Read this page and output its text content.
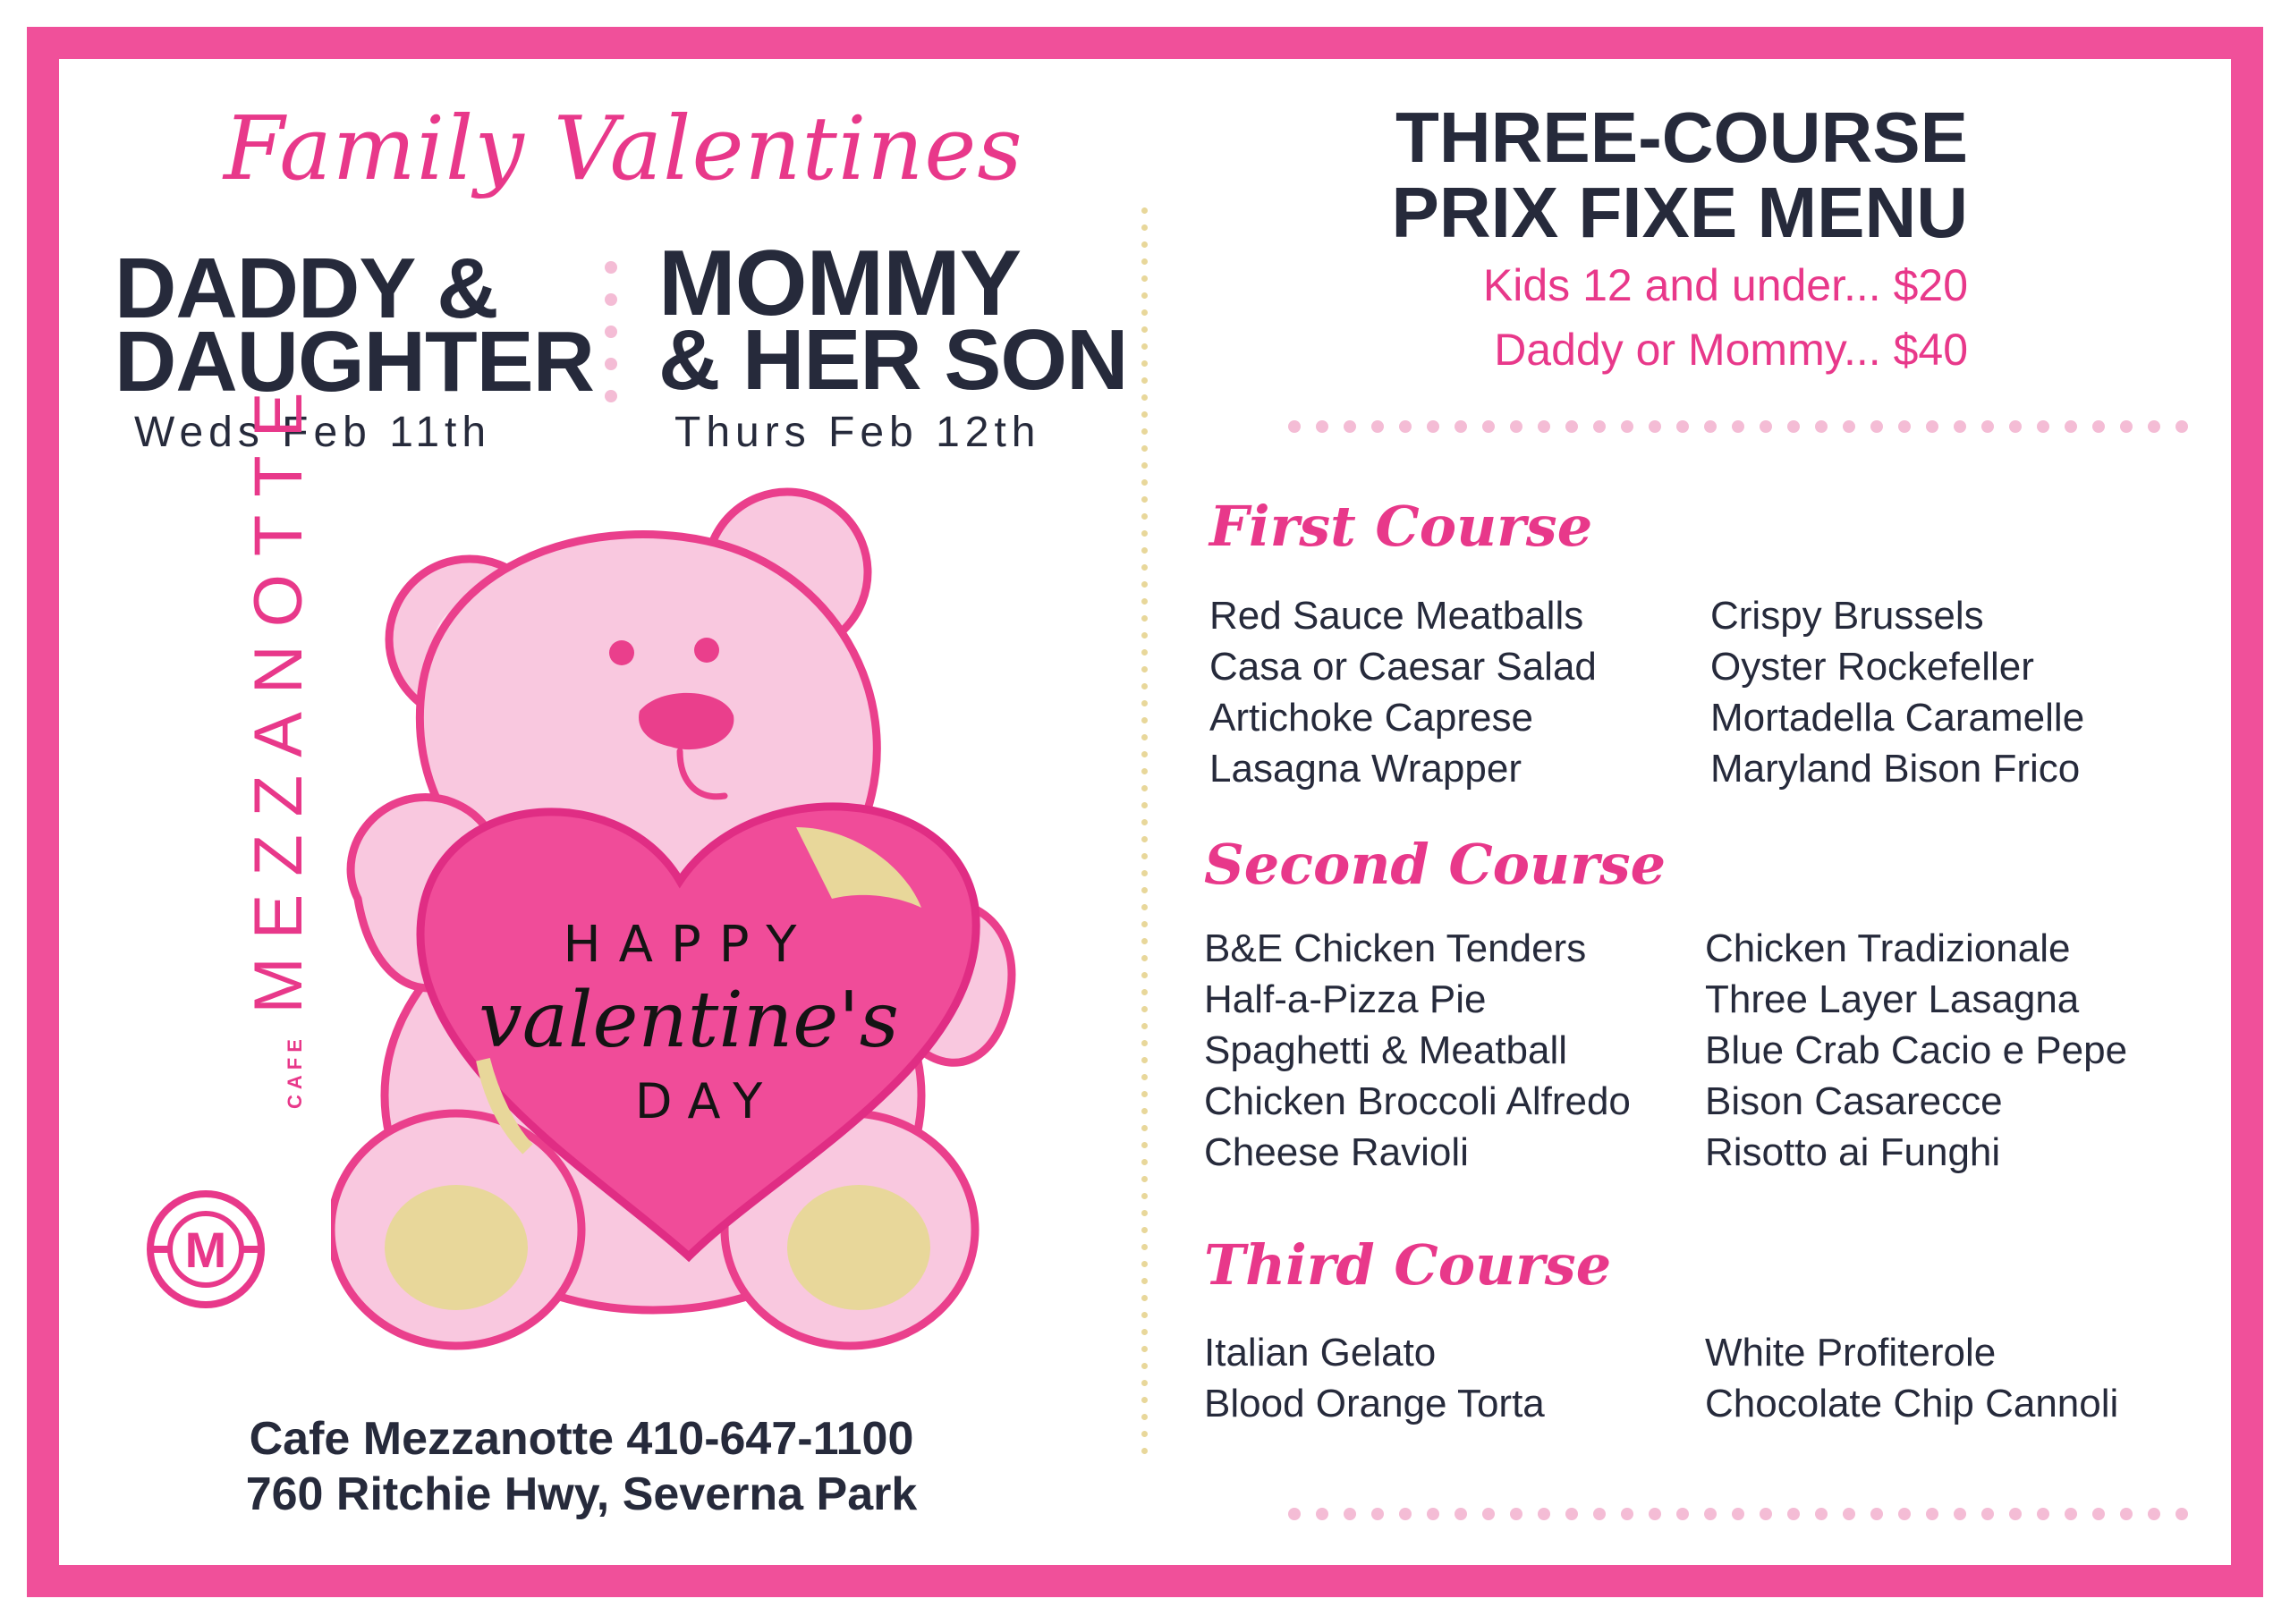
Family Valentines
DADDY &
DAUGHTER
Weds Feb 11th
MOMMY
& HER SON
Thurs Feb 12th
CAFE MEZZANOTTE
M
HAPPY
valentine's
DAY
Cafe Mezzanotte 410-647-1100
760 Ritchie Hwy, Severna Park
THREE-COURSE
PRIX FIXE MENU
Kids 12 and under... $20
Daddy or Mommy... $40
First Course
Red Sauce Meatballs
Casa or Caesar Salad
Artichoke Caprese
Lasagna Wrapper
Crispy Brussels
Oyster Rockefeller
Mortadella Caramelle
Maryland Bison Frico
Second Course
B&E Chicken Tenders
Half-a-Pizza Pie
Spaghetti & Meatball
Chicken Broccoli Alfredo
Cheese Ravioli
Chicken Tradizionale
Three Layer Lasagna
Blue Crab Cacio e Pepe
Bison Casarecce
Risotto ai Funghi
Third Course
Italian Gelato
Blood Orange Torta
White Profiterole
Chocolate Chip Cannoli
